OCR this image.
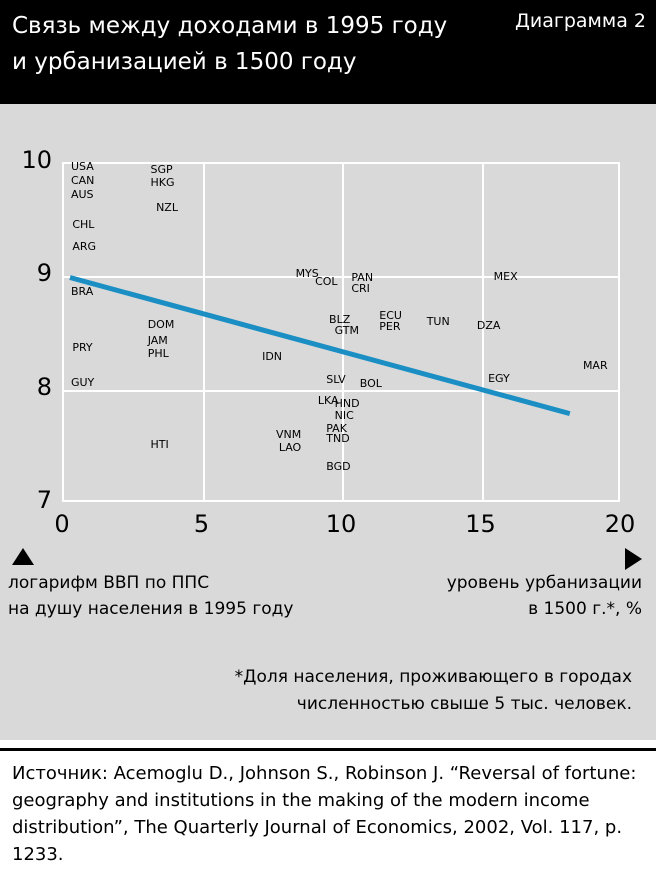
Связь между доходами в 1995 году
и урбанизацией в 1500 году
Диаграмма 2
USA
CAN
AUS
CHL
ARG
BRA
PRY
GUY
SGP
HKG
NZL
DOM
JAM
PHL
HTI
IDN
VNM
LAO
MYS
COL
BLZ
GTM
SLV
LKA
HND
NIC
PAK
TND
BGD
PAN
CRI
ECU
PER
BOL
TUN DZA
MEX
EGY
MAR
7
8
9
10
0	5	10	15	20
логарифм ВВП по ППС
на душу населения в 1995 году
уровень урбанизации
в 1500 г.*, %
*Доля населения, проживающего в городах
численностью свыше 5 тыс. человек.
Источник: Acemoglu D., Johnson S., Robinson J. “Reversal of fortune: geography and institutions in the making of the modern income distribution”, The Quarterly Journal of Economics, 2002, Vol. 117, p. 1233.
